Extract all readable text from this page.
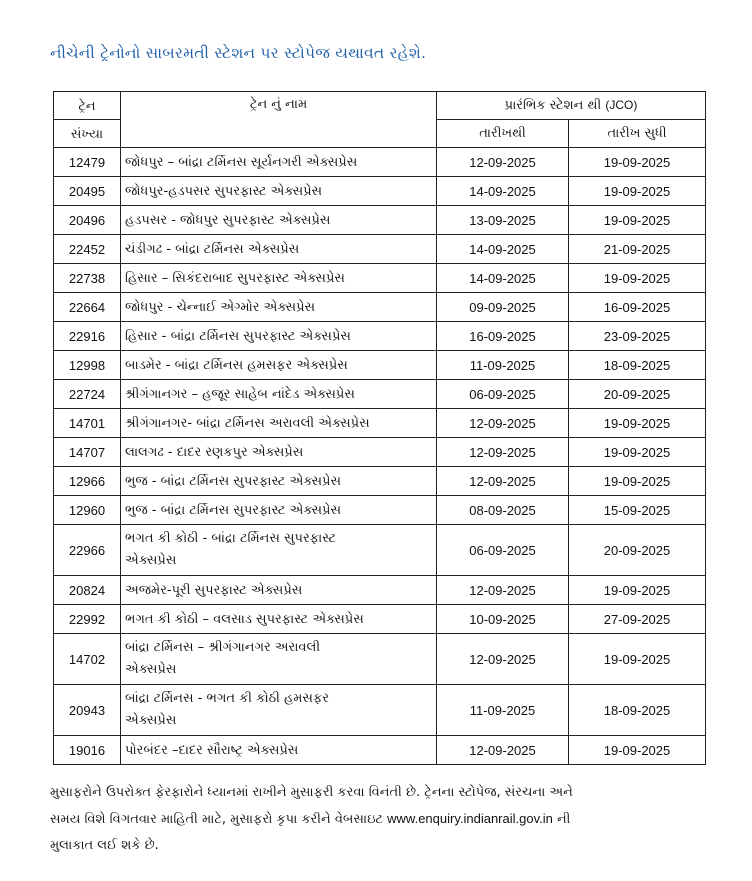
નીચેની ટ્રેનોનો સાબરમતી સ્ટેશન પર સ્ટોપેજ યથાવત રહેશે.
ટ્રેન	ટ્રેન નું નામ	પ્રારંભિક સ્ટેશન થી (JCO)	
સંખ્યા		તારીખથી	તારીખ સુધી
12479	જોધપુર – બાંદ્રા ટર્મિનસ સૂર્યનગરી એક્સપ્રેસ	12-09-2025	19-09-2025
20495	જોધપુર-હડપસર સુપરફાસ્ટ એક્સપ્રેસ	14-09-2025	19-09-2025
20496	હડપસર - જોધપુર સુપરફાસ્ટ એક્સપ્રેસ	13-09-2025	19-09-2025
22452	ચંડીગઢ - બાંદ્રા ટર્મિનસ એક્સપ્રેસ	14-09-2025	21-09-2025
22738	હિસાર – સિકંદરાબાદ સુપરફાસ્ટ એક્સપ્રેસ	14-09-2025	19-09-2025
22664	જોધપુર - ચેન્નાઈ એગ્મોર એક્સપ્રેસ	09-09-2025	16-09-2025
22916	હિસાર - બાંદ્રા ટર્મિનસ સુપરફાસ્ટ એક્સપ્રેસ	16-09-2025	23-09-2025
12998	બાડમેર - બાંદ્રા ટર્મિનસ હમસફર એક્સપ્રેસ	11-09-2025	18-09-2025
22724	શ્રીગંગાનગર – હજૂર સાહેબ નાંદેડ એક્સપ્રેસ	06-09-2025	20-09-2025
14701	શ્રીગંગાનગર- બાંદ્રા ટર્મિનસ અરાવલી એક્સપ્રેસ	12-09-2025	19-09-2025
14707	લાલગઢ - દાદર રણકપુર એક્સપ્રેસ	12-09-2025	19-09-2025
12966	ભુજ - બાંદ્રા ટર્મિનસ સુપરફાસ્ટ એક્સપ્રેસ	12-09-2025	19-09-2025
12960	ભુજ - બાંદ્રા ટર્મિનસ સુપરફાસ્ટ એક્સપ્રેસ	08-09-2025	15-09-2025
22966	ભગત કી કોઠી - બાંદ્રા ટર્મિનસ સુપરફાસ્ટ
એક્સપ્રેસ	06-09-2025	20-09-2025
20824	અજમેર-પૂરી સુપરફાસ્ટ એક્સપ્રેસ	12-09-2025	19-09-2025
22992	ભગત કી કોઠી – વલસાડ સુપરફાસ્ટ એક્સપ્રેસ	10-09-2025	27-09-2025
14702	બાંદ્રા ટર્મિનસ – શ્રીગંગાનગર અરાવલી
એક્સપ્રેસ	12-09-2025	19-09-2025
20943	બાંદ્રા ટર્મિનસ - ભગત કી કોઠી હમસફર
એક્સપ્રેસ	11-09-2025	18-09-2025
19016	પોરબંદર –દાદર સૌરાષ્ટ્ર એક્સપ્રેસ	12-09-2025	19-09-2025
મુસાફરોને ઉપરોક્ત ફેરફારોને ધ્યાનમાં રાખીને મુસાફરી કરવા વિનંતી છે. ટ્રેનના સ્ટોપેજ, સંરચના અને
સમય વિશે વિગતવાર માહિતી માટે, મુસાફરો કૃપા કરીને વેબસાઇટ www.enquiry.indianrail.gov.in ની
મુલાકાત લઈ શકે છે.
